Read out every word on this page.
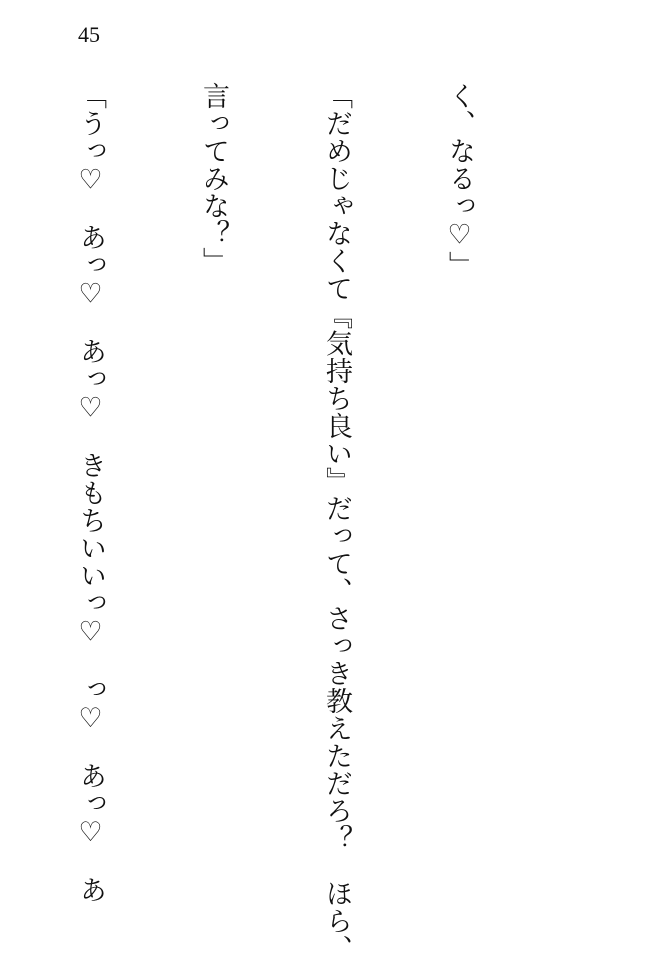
45

く、なるっ♡」

「だめじゃなくて『気持ち良い』だって、さっき教えただろ？　ほら、

言ってみな？」

「うっ♡　あっ♡　あっ♡　きもちいいっ♡　っ♡　あっ♡　あ
